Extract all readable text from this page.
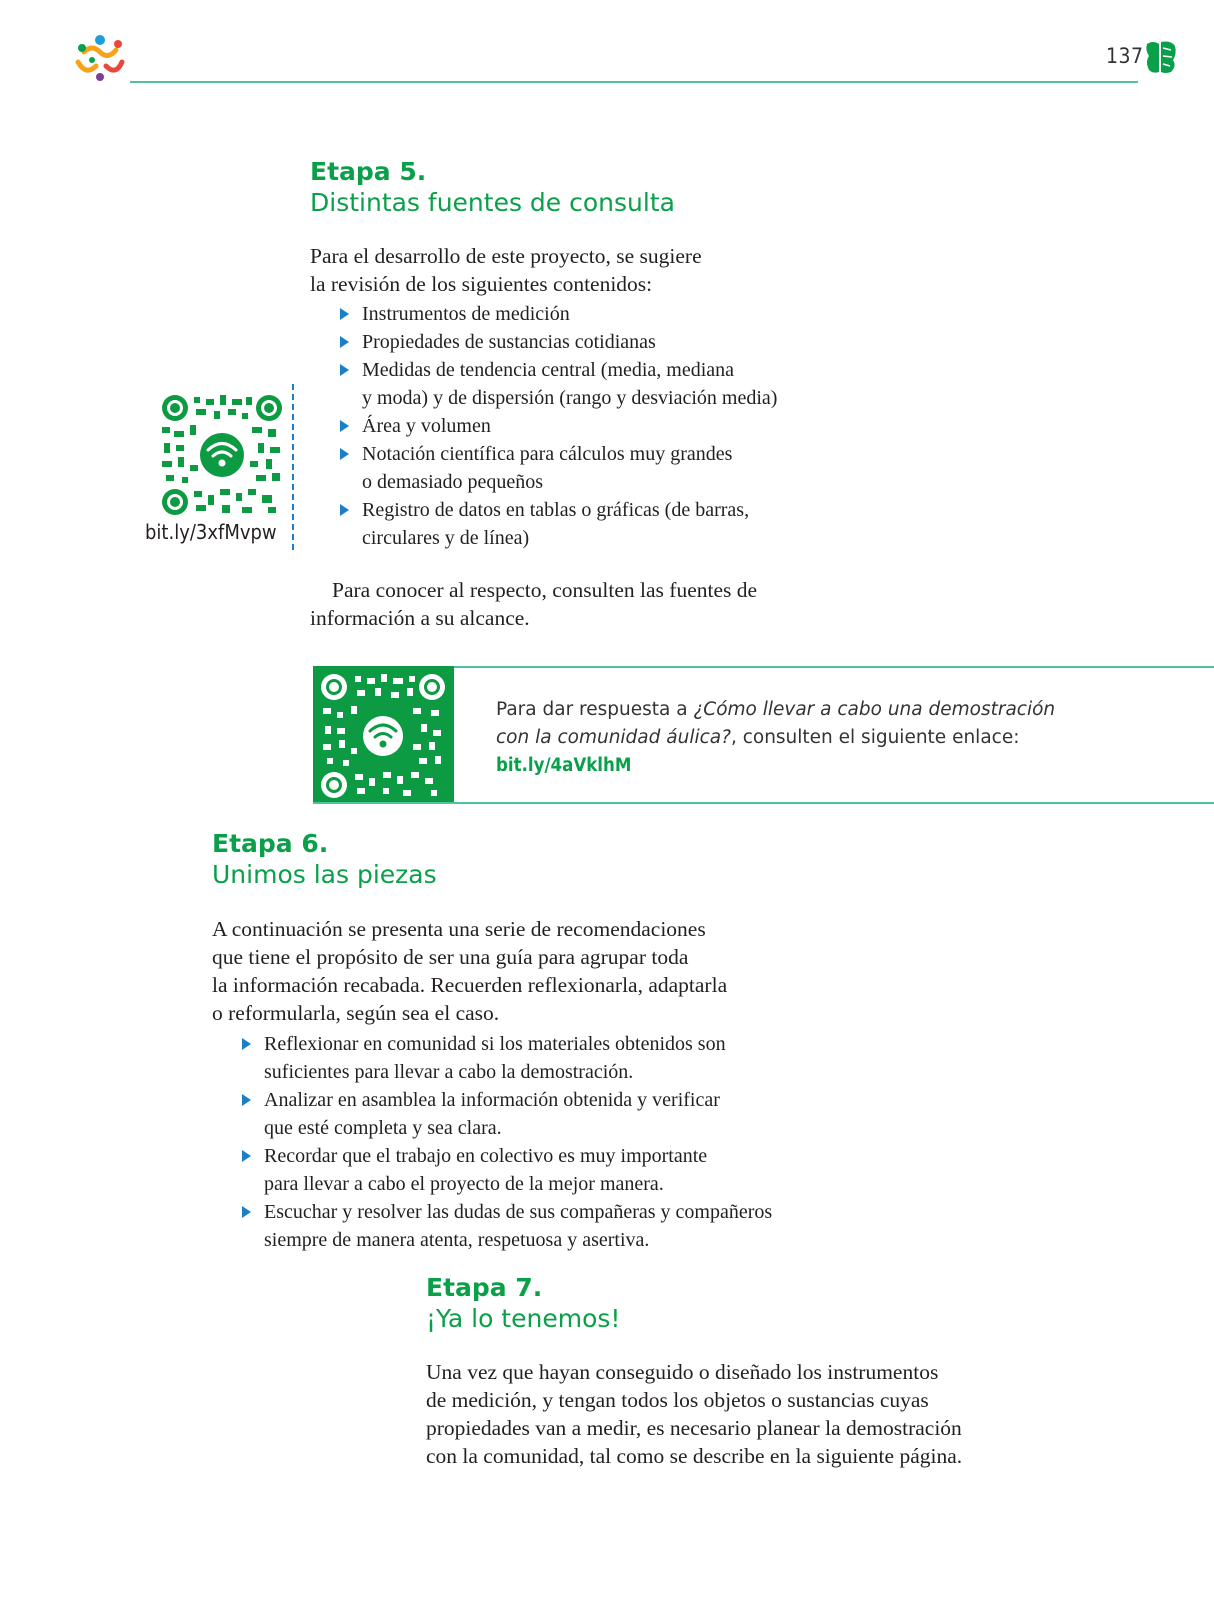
137
Etapa 5.
Distintas fuentes de consulta

Para el desarrollo de este proyecto, se sugiere

la revisión de los siguientes contenidos:

Instrumentos de medición
Propiedades de sustancias cotidianas
Medidas de tendencia central (media, mediana
y moda) y de dispersión (rango y desviación media)
Área y volumen
Notación científica para cálculos muy grandes
o demasiado pequeños
Registro de datos en tablas o gráficas (de barras,
circulares y de línea)
bit.ly/3xfMvpw

Para conocer al respecto, consulten las fuentes de

información a su alcance.

Para dar respuesta a ¿Cómo llevar a cabo una demostración
con la comunidad áulica?, consulten el siguiente enlace:
bit.ly/4aVklhM
Etapa 6.
Unimos las piezas

A continuación se presenta una serie de recomendaciones

que tiene el propósito de ser una guía para agrupar toda

la información recabada. Recuerden reflexionarla, adaptarla

o reformularla, según sea el caso.

Reflexionar en comunidad si los materiales obtenidos son
suficientes para llevar a cabo la demostración.
Analizar en asamblea la información obtenida y verificar
que esté completa y sea clara.
Recordar que el trabajo en colectivo es muy importante
para llevar a cabo el proyecto de la mejor manera.
Escuchar y resolver las dudas de sus compañeras y compañeros
siempre de manera atenta, respetuosa y asertiva.
Etapa 7.
¡Ya lo tenemos!

Una vez que hayan conseguido o diseñado los instrumentos

de medición, y tengan todos los objetos o sustancias cuyas

propiedades van a medir, es necesario planear la demostración

con la comunidad, tal como se describe en la siguiente página.
